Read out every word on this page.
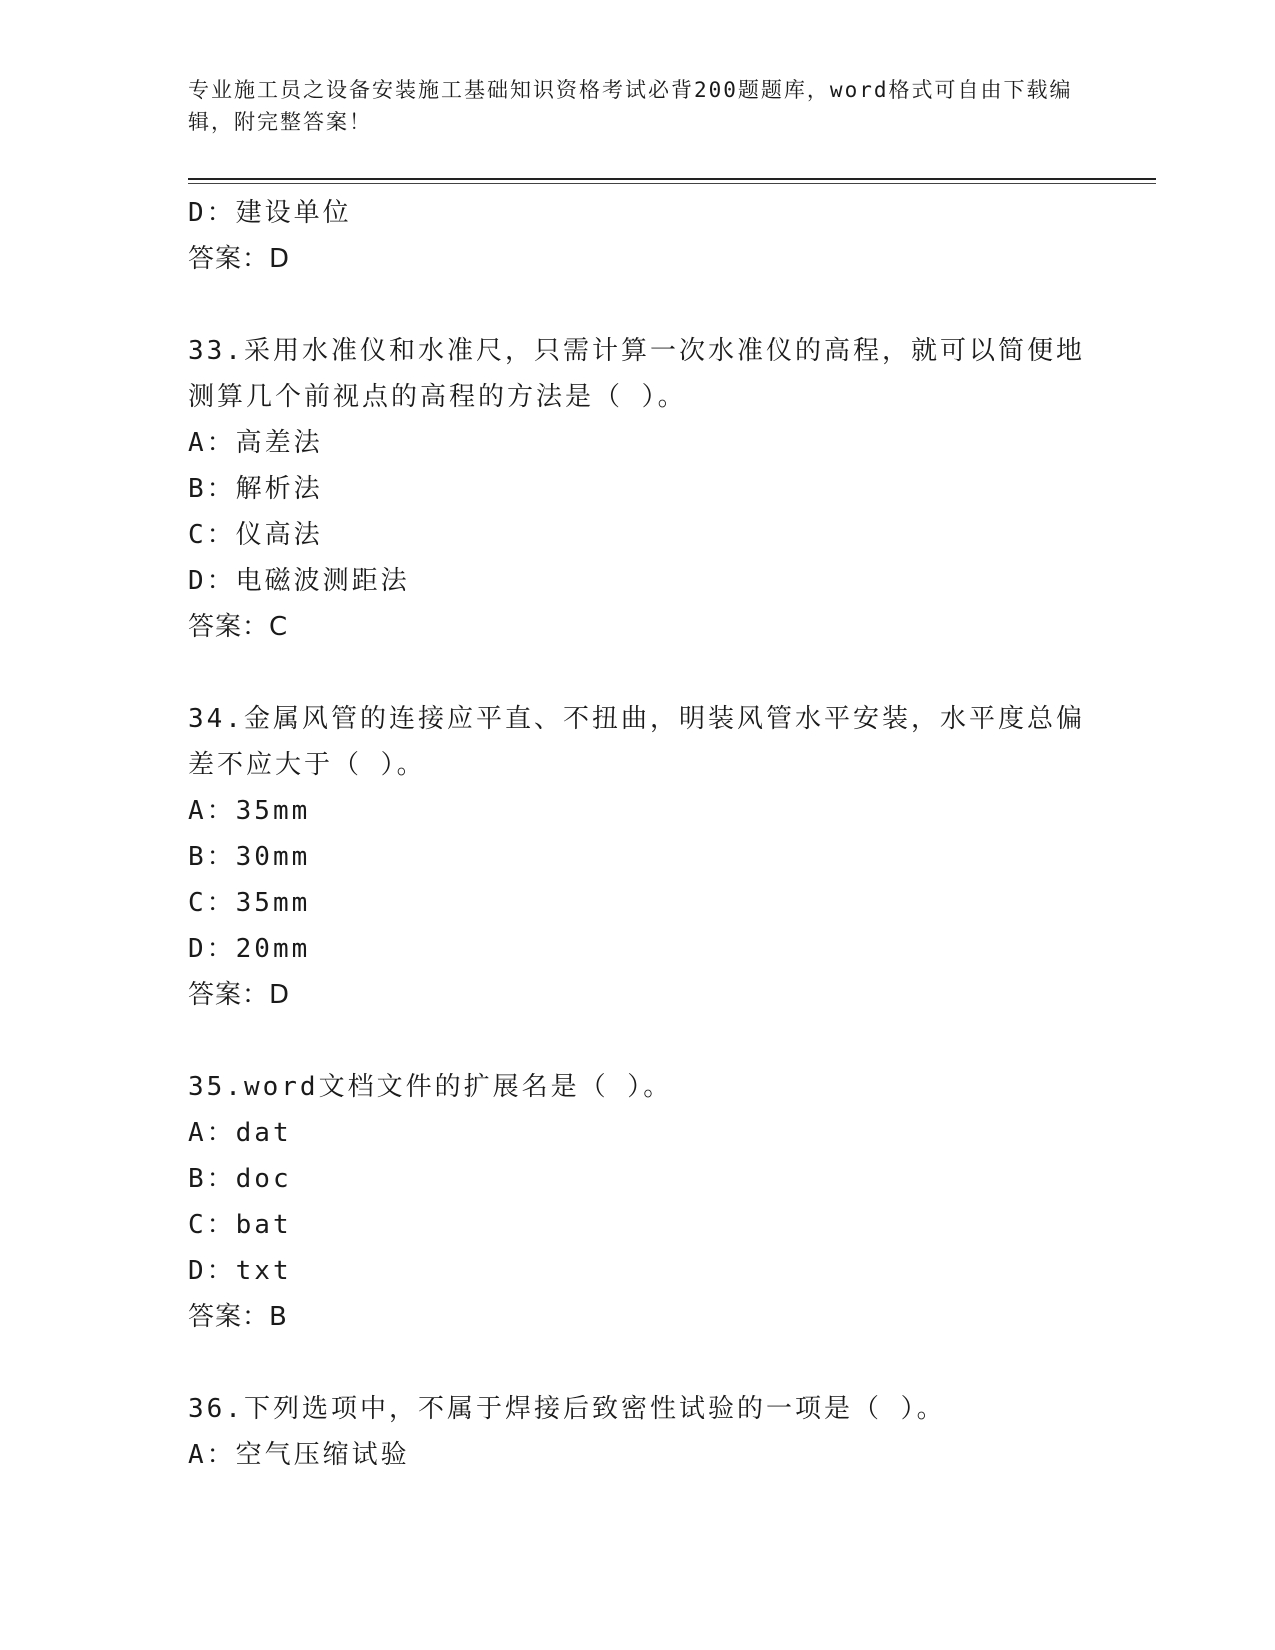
专业施工员之设备安装施工基础知识资格考试必背200题题库，word格式可自由下载编辑，附完整答案！
D：建设单位
答案：D
33.采用水准仪和水准尺，只需计算一次水准仪的高程，就可以简便地测算几个前视点的高程的方法是（ ）。
A：高差法
B：解析法
C：仪高法
D：电磁波测距法
答案：C
34.金属风管的连接应平直、不扭曲，明装风管水平安装，水平度总偏差不应大于（ ）。
A：35mm
B：30mm
C：35mm
D：20mm
答案：D
35.word文档文件的扩展名是（ ）。
A：dat
B：doc
C：bat
D：txt
答案：B
36.下列选项中，不属于焊接后致密性试验的一项是（ ）。
A：空气压缩试验
